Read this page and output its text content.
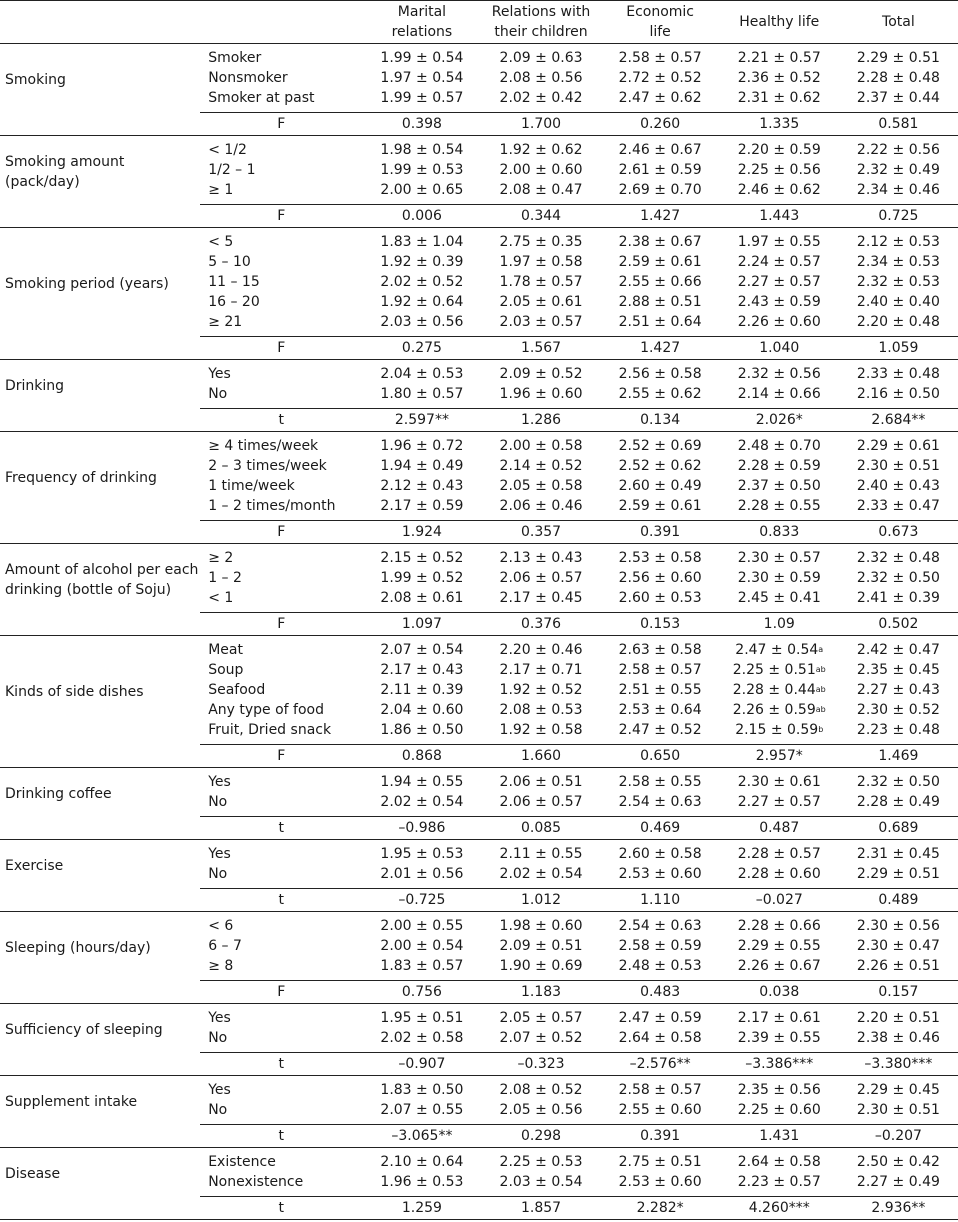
		Marital relations	Relations with their children	Economic life	Healthy life	Total
Smoking	Smoker	1.99 ± 0.54	2.09 ± 0.63	2.58 ± 0.57	2.21 ± 0.57	2.29 ± 0.51
	Nonsmoker	1.97 ± 0.54	2.08 ± 0.56	2.72 ± 0.52	2.36 ± 0.52	2.28 ± 0.48
	Smoker at past	1.99 ± 0.57	2.02 ± 0.42	2.47 ± 0.62	2.31 ± 0.62	2.37 ± 0.44
	F	0.398	1.700	0.260	1.335	0.581
Smoking amount (pack/day)	< 1/2	1.98 ± 0.54	1.92 ± 0.62	2.46 ± 0.67	2.20 ± 0.59	2.22 ± 0.56
	1/2 – 1	1.99 ± 0.53	2.00 ± 0.60	2.61 ± 0.59	2.25 ± 0.56	2.32 ± 0.49
	≥ 1	2.00 ± 0.65	2.08 ± 0.47	2.69 ± 0.70	2.46 ± 0.62	2.34 ± 0.46
	F	0.006	0.344	1.427	1.443	0.725
Smoking period (years)	< 5	1.83 ± 1.04	2.75 ± 0.35	2.38 ± 0.67	1.97 ± 0.55	2.12 ± 0.53
	5 – 10	1.92 ± 0.39	1.97 ± 0.58	2.59 ± 0.61	2.24 ± 0.57	2.34 ± 0.53
	11 – 15	2.02 ± 0.52	1.78 ± 0.57	2.55 ± 0.66	2.27 ± 0.57	2.32 ± 0.53
	16 – 20	1.92 ± 0.64	2.05 ± 0.61	2.88 ± 0.51	2.43 ± 0.59	2.40 ± 0.40
	≥ 21	2.03 ± 0.56	2.03 ± 0.57	2.51 ± 0.64	2.26 ± 0.60	2.20 ± 0.48
	F	0.275	1.567	1.427	1.040	1.059
Drinking	Yes	2.04 ± 0.53	2.09 ± 0.52	2.56 ± 0.58	2.32 ± 0.56	2.33 ± 0.48
	No	1.80 ± 0.57	1.96 ± 0.60	2.55 ± 0.62	2.14 ± 0.66	2.16 ± 0.50
	t	2.597**	1.286	0.134	2.026*	2.684**
Frequency of drinking	≥ 4 times/week	1.96 ± 0.72	2.00 ± 0.58	2.52 ± 0.69	2.48 ± 0.70	2.29 ± 0.61
	2 – 3 times/week	1.94 ± 0.49	2.14 ± 0.52	2.52 ± 0.62	2.28 ± 0.59	2.30 ± 0.51
	1 time/week	2.12 ± 0.43	2.05 ± 0.58	2.60 ± 0.49	2.37 ± 0.50	2.40 ± 0.43
	1 – 2 times/month	2.17 ± 0.59	2.06 ± 0.46	2.59 ± 0.61	2.28 ± 0.55	2.33 ± 0.47
	F	1.924	0.357	0.391	0.833	0.673
Amount of alcohol per each drinking (bottle of Soju)	≥ 2	2.15 ± 0.52	2.13 ± 0.43	2.53 ± 0.58	2.30 ± 0.57	2.32 ± 0.48
	1 – 2	1.99 ± 0.52	2.06 ± 0.57	2.56 ± 0.60	2.30 ± 0.59	2.32 ± 0.50
	< 1	2.08 ± 0.61	2.17 ± 0.45	2.60 ± 0.53	2.45 ± 0.41	2.41 ± 0.39
	F	1.097	0.376	0.153	1.09	0.502
Kinds of side dishes	Meat	2.07 ± 0.54	2.20 ± 0.46	2.63 ± 0.58	2.47 ± 0.54$^a$	2.42 ± 0.47
	Soup	2.17 ± 0.43	2.17 ± 0.71	2.58 ± 0.57	2.25 ± 0.51$^{ab}$	2.35 ± 0.45
	Seafood	2.11 ± 0.39	1.92 ± 0.52	2.51 ± 0.55	2.28 ± 0.44$^{ab}$	2.27 ± 0.43
	Any type of food	2.04 ± 0.60	2.08 ± 0.53	2.53 ± 0.64	2.26 ± 0.59$^{ab}$	2.30 ± 0.52
	Fruit, Dried snack	1.86 ± 0.50	1.92 ± 0.58	2.47 ± 0.52	2.15 ± 0.59$^b$	2.23 ± 0.48
	F	0.868	1.660	0.650	2.957*	1.469
Drinking coffee	Yes	1.94 ± 0.55	2.06 ± 0.51	2.58 ± 0.55	2.30 ± 0.61	2.32 ± 0.50
	No	2.02 ± 0.54	2.06 ± 0.57	2.54 ± 0.63	2.27 ± 0.57	2.28 ± 0.49
	t	–0.986	0.085	0.469	0.487	0.689
Exercise	Yes	1.95 ± 0.53	2.11 ± 0.55	2.60 ± 0.58	2.28 ± 0.57	2.31 ± 0.45
	No	2.01 ± 0.56	2.02 ± 0.54	2.53 ± 0.60	2.28 ± 0.60	2.29 ± 0.51
	t	–0.725	1.012	1.110	–0.027	0.489
Sleeping (hours/day)	< 6	2.00 ± 0.55	1.98 ± 0.60	2.54 ± 0.63	2.28 ± 0.66	2.30 ± 0.56
	6 – 7	2.00 ± 0.54	2.09 ± 0.51	2.58 ± 0.59	2.29 ± 0.55	2.30 ± 0.47
	≥ 8	1.83 ± 0.57	1.90 ± 0.69	2.48 ± 0.53	2.26 ± 0.67	2.26 ± 0.51
	F	0.756	1.183	0.483	0.038	0.157
Sufficiency of sleeping	Yes	1.95 ± 0.51	2.05 ± 0.57	2.47 ± 0.59	2.17 ± 0.61	2.20 ± 0.51
	No	2.02 ± 0.58	2.07 ± 0.52	2.64 ± 0.58	2.39 ± 0.55	2.38 ± 0.46
	t	–0.907	–0.323	–2.576**	–3.386***	–3.380***
Supplement intake	Yes	1.83 ± 0.50	2.08 ± 0.52	2.58 ± 0.57	2.35 ± 0.56	2.29 ± 0.45
	No	2.07 ± 0.55	2.05 ± 0.56	2.55 ± 0.60	2.25 ± 0.60	2.30 ± 0.51
	t	–3.065**	0.298	0.391	1.431	–0.207
Disease	Existence	2.10 ± 0.64	2.25 ± 0.53	2.75 ± 0.51	2.64 ± 0.58	2.50 ± 0.42
	Nonexistence	1.96 ± 0.53	2.03 ± 0.54	2.53 ± 0.60	2.23 ± 0.57	2.27 ± 0.49
	t	1.259	1.857	2.282*	4.260***	2.936**
